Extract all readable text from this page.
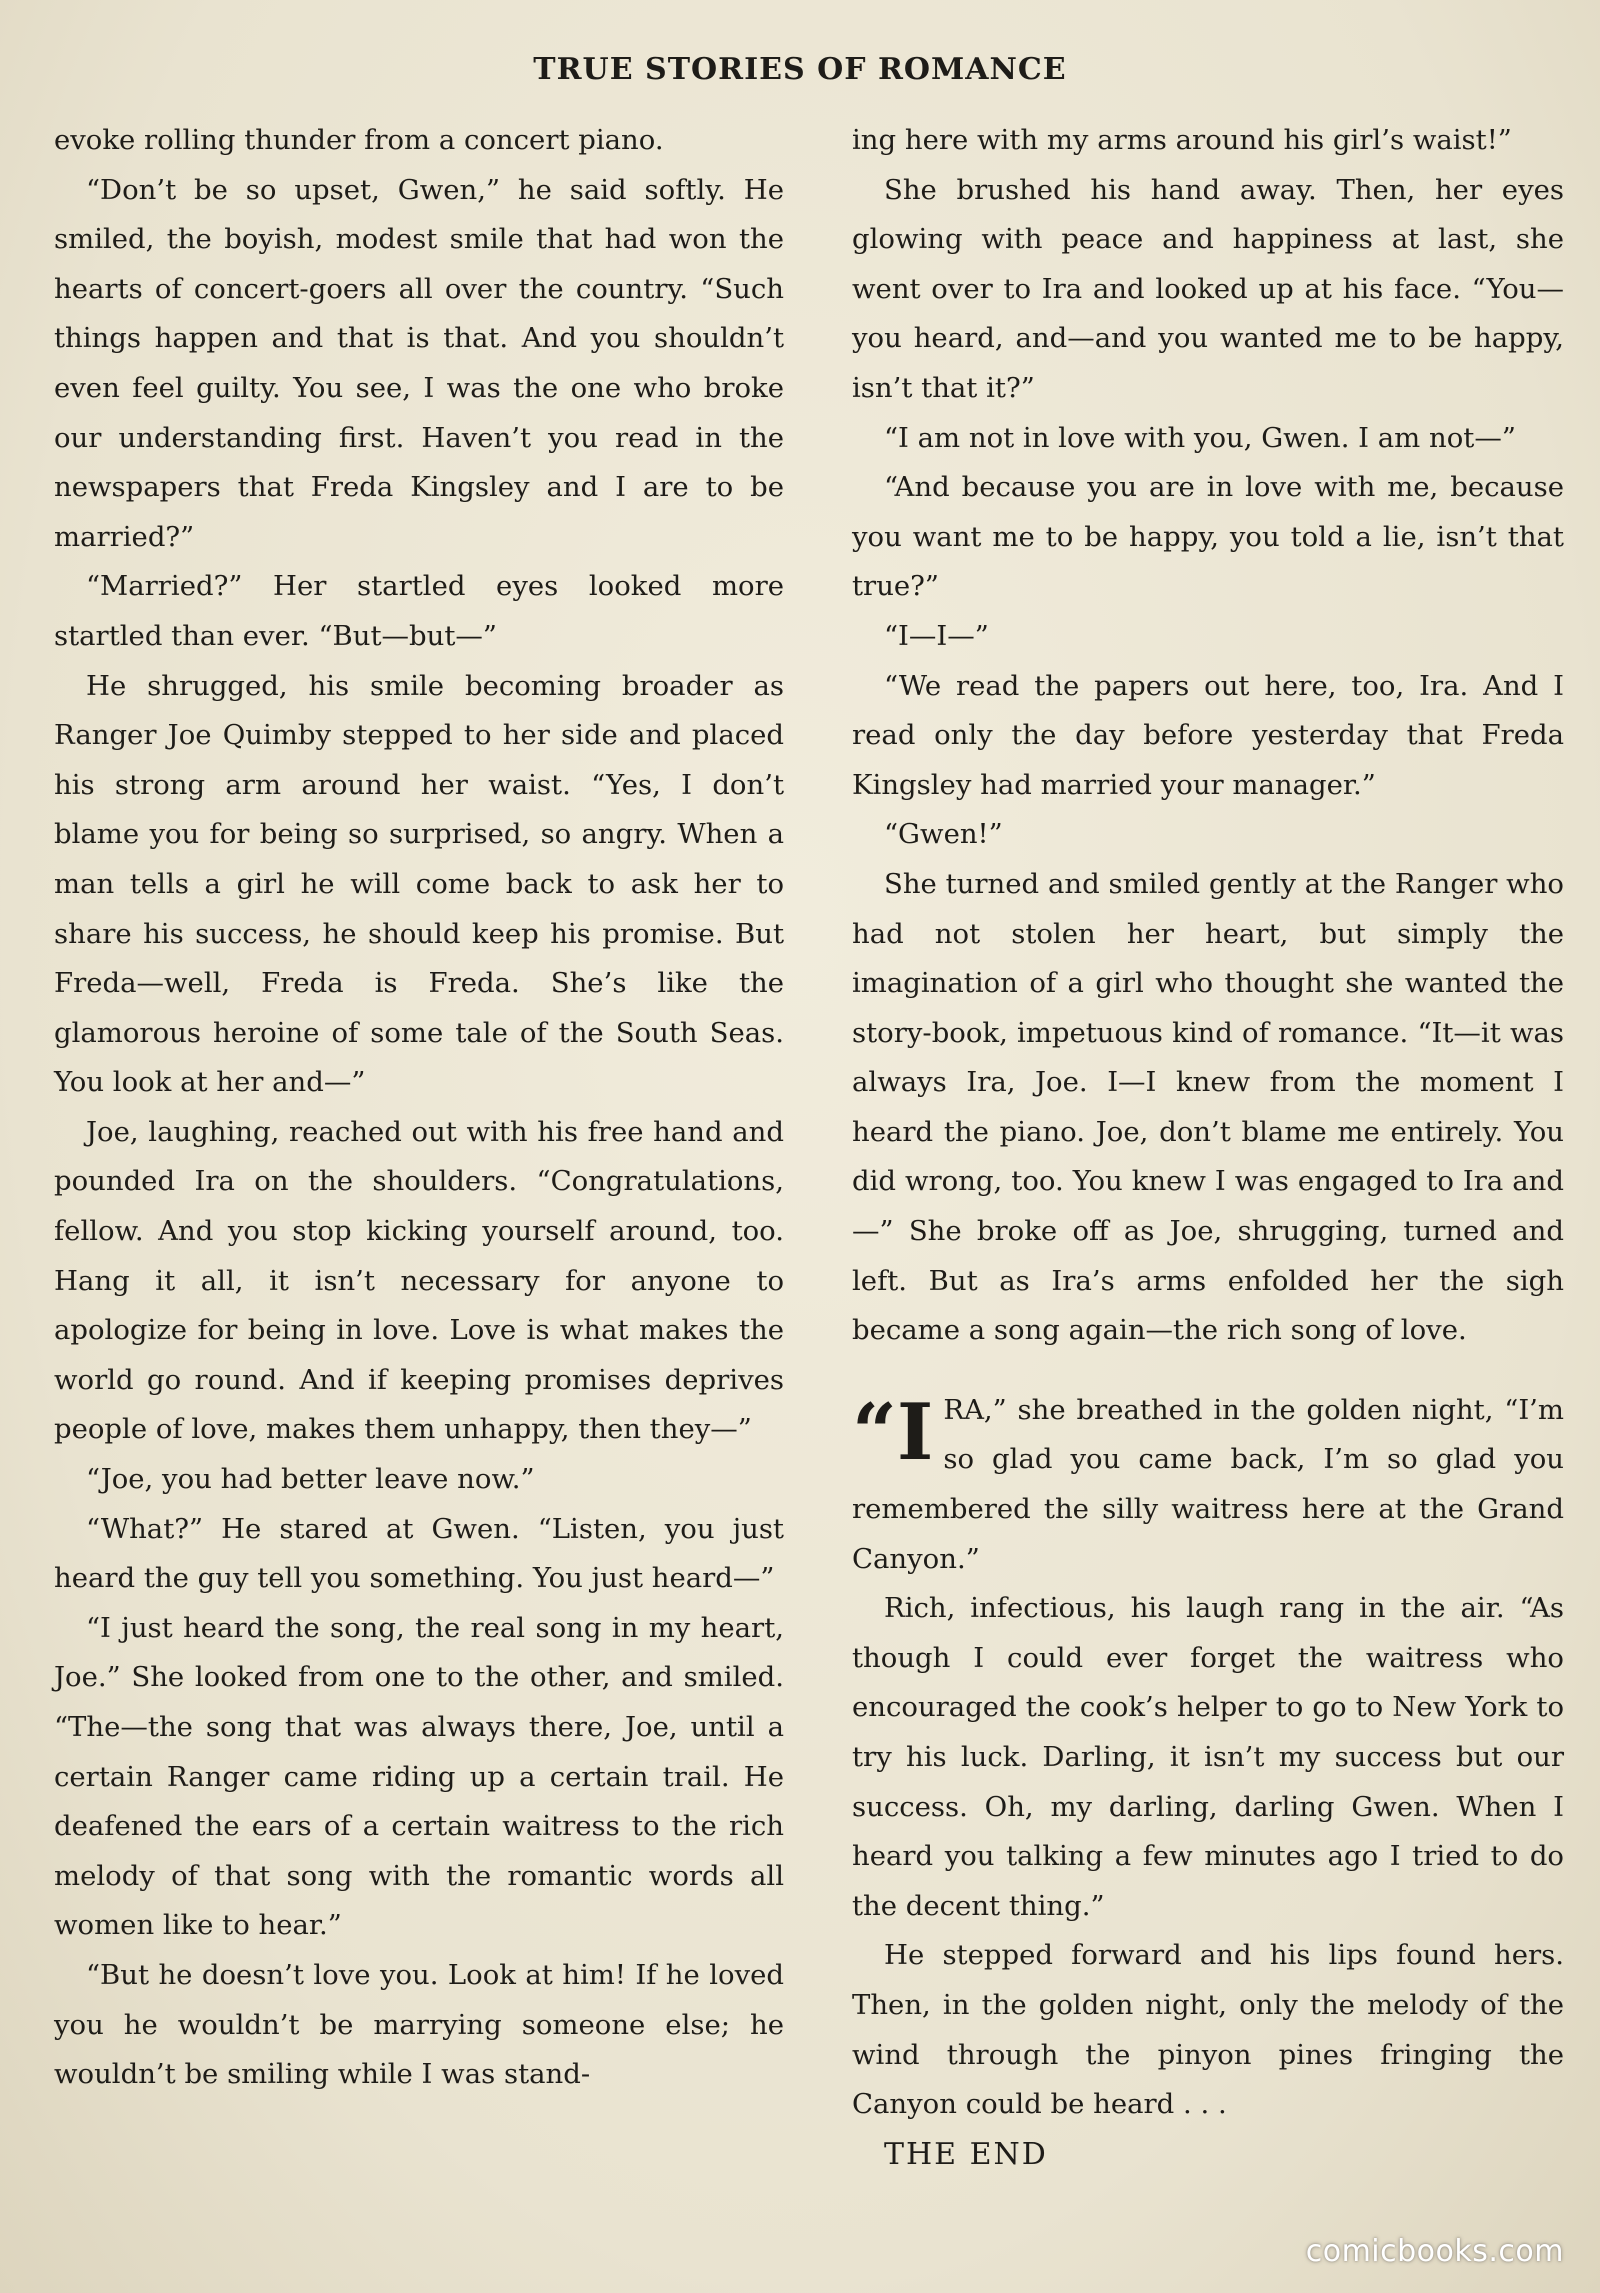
TRUE STORIES OF ROMANCE

evoke rolling thunder from a concert piano.

“Don’t be so upset, Gwen,” he said softly. He smiled, the boyish, modest smile that had won the hearts of concert-goers all over the country. “Such things happen and that is that. And you shouldn’t even feel guilty. You see, I was the one who broke our understanding first. Haven’t you read in the newspapers that Freda Kingsley and I are to be married?”

“Married?” Her startled eyes looked more startled than ever. “But—but—”

He shrugged, his smile becoming broader as Ranger Joe Quimby stepped to her side and placed his strong arm around her waist. “Yes, I don’t blame you for being so surprised, so angry. When a man tells a girl he will come back to ask her to share his success, he should keep his promise. But Freda—well, Freda is Freda. She’s like the glamorous heroine of some tale of the South Seas. You look at her and—”

Joe, laughing, reached out with his free hand and pounded Ira on the shoulders. “Congratulations, fellow. And you stop kicking yourself around, too. Hang it all, it isn’t necessary for anyone to apologize for being in love. Love is what makes the world go round. And if keeping promises deprives people of love, makes them unhappy, then they—”

“Joe, you had better leave now.”

“What?” He stared at Gwen. “Listen, you just heard the guy tell you something. You just heard—”

“I just heard the song, the real song in my heart, Joe.” She looked from one to the other, and smiled. “The—the song that was always there, Joe, until a certain Ranger came riding up a certain trail. He deafened the ears of a certain waitress to the rich melody of that song with the romantic words all women like to hear.”

“But he doesn’t love you. Look at him! If he loved you he wouldn’t be marrying someone else; he wouldn’t be smiling while I was stand-

ing here with my arms around his girl’s waist!”

She brushed his hand away. Then, her eyes glowing with peace and happiness at last, she went over to Ira and looked up at his face. “You—you heard, and—and you wanted me to be happy, isn’t that it?”

“I am not in love with you, Gwen. I am not—”

“And because you are in love with me, because you want me to be happy, you told a lie, isn’t that true?”

“I—I—”

“We read the papers out here, too, Ira. And I read only the day before yesterday that Freda Kingsley had married your manager.”

“Gwen!”

She turned and smiled gently at the Ranger who had not stolen her heart, but simply the imagination of a girl who thought she wanted the story-book, impetuous kind of romance. “It—it was always Ira, Joe. I—I knew from the moment I heard the piano. Joe, don’t blame me entirely. You did wrong, too. You knew I was engaged to Ira and—” She broke off as Joe, shrugging, turned and left. But as Ira’s arms enfolded her the sigh became a song again—the rich song of love.

“IRA,” she breathed in the golden night, “I’m so glad you came back, I’m so glad you remembered the silly waitress here at the Grand Canyon.”

Rich, infectious, his laugh rang in the air. “As though I could ever forget the waitress who encouraged the cook’s helper to go to New York to try his luck. Darling, it isn’t my success but our success. Oh, my darling, darling Gwen. When I heard you talking a few minutes ago I tried to do the decent thing.”

He stepped forward and his lips found hers. Then, in the golden night, only the melody of the wind through the pinyon pines fringing the Canyon could be heard . . .

THE END

comicbooks.com
